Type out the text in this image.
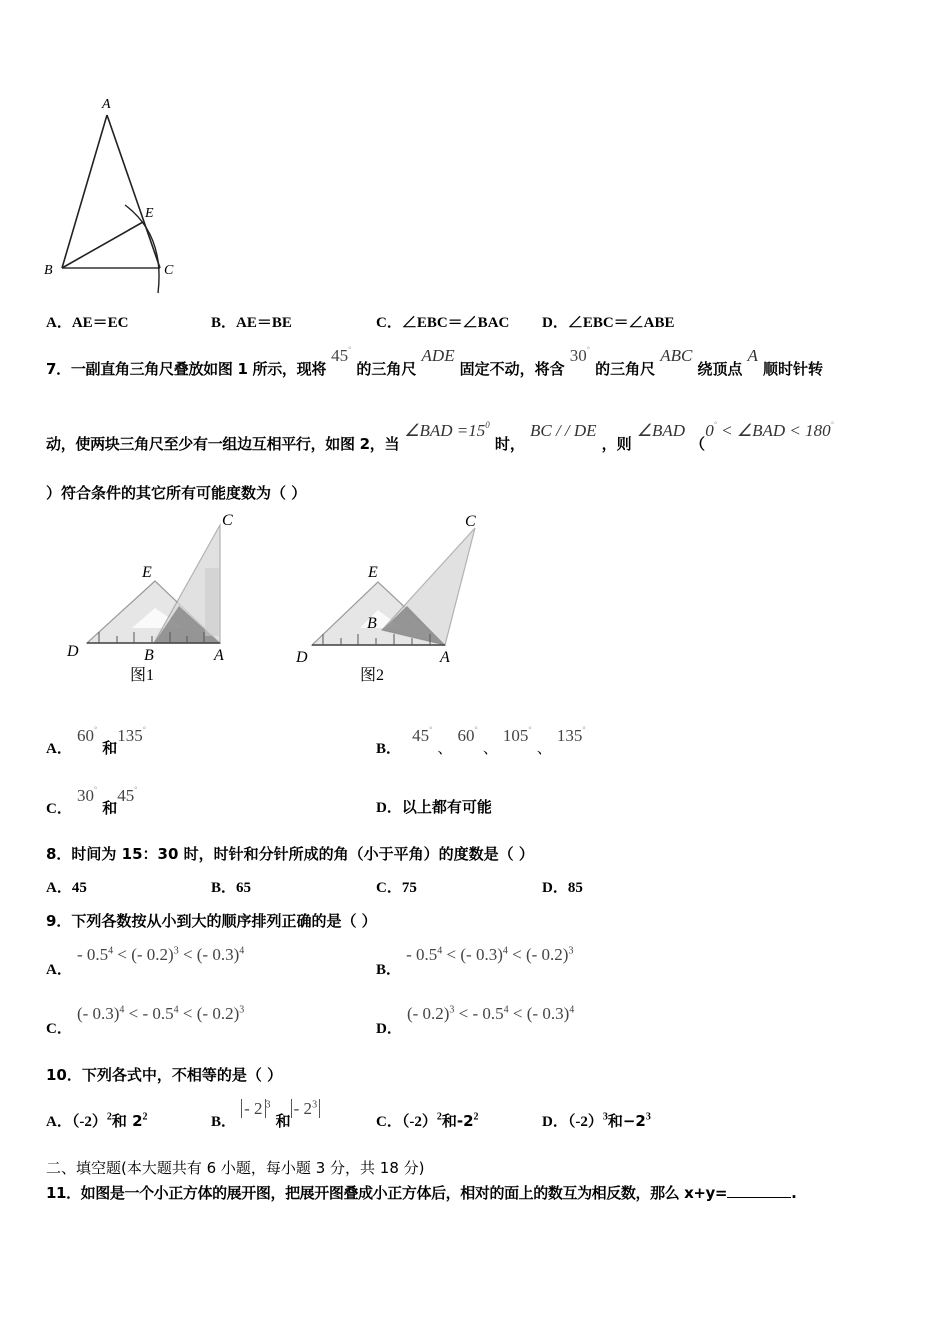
A
E
B	C
A．AE＝EC	B．AE＝BE	C．∠EBC＝∠BAC D．∠EBC＝∠ABE
7．一副直角三角尺叠放如图 1 所示，现将 45° 的三角尺 ADE 固定不动，将含 30° 的三角尺 ABC 绕顶点 A 顺时针转
动，使两块三角尺至少有一组边互相平行，如图 2，当 ∠BAD $=15^0$ 时， BC / / DE ，则 ∠BAD （0° < ∠BAD < 180°
）符合条件的其它所有可能度数为（ ）
C
E
D	B	A
图1
C
E
B
D	A
图2
A． 60° 和135°
B． 45° 、 60° 、 105° 、 135°
C． 30° 和45°
D．以上都有可能
8．时间为 15：30 时，时针和分针所成的角（小于平角）的度数是（ ）
A．45	B．65	C．75	D．85
9．下列各数按从小到大的顺序排列正确的是（ ）
A． - $0.5^4$ < (- 0.2)$^3$ < (- 0.3)$^4$
B． - $0.5^4$ < (- 0.3)$^4$ < (- 0.2)$^3$
C． (- 0.3)$^4$ < - $0.5^4$ < (- 0.2)$^3$
D． (- 0.2)$^3$ < - $0.5^4$ < (- 0.3)$^4$
10．下列各式中，不相等的是（ ）
A．$(-2)^2$和 $2^2$	B． - 2 $^3$ 和- $2^3$
C．$(-2)^2$和$-2^2$	D．$(-2)^3$和$-2^3$
二、填空题(本大题共有 6 小题，每小题 3 分，共 18 分)
11．如图是一个小正方体的展开图，把展开图叠成小正方体后，相对的面上的数互为相反数，那么 x+y=	.
